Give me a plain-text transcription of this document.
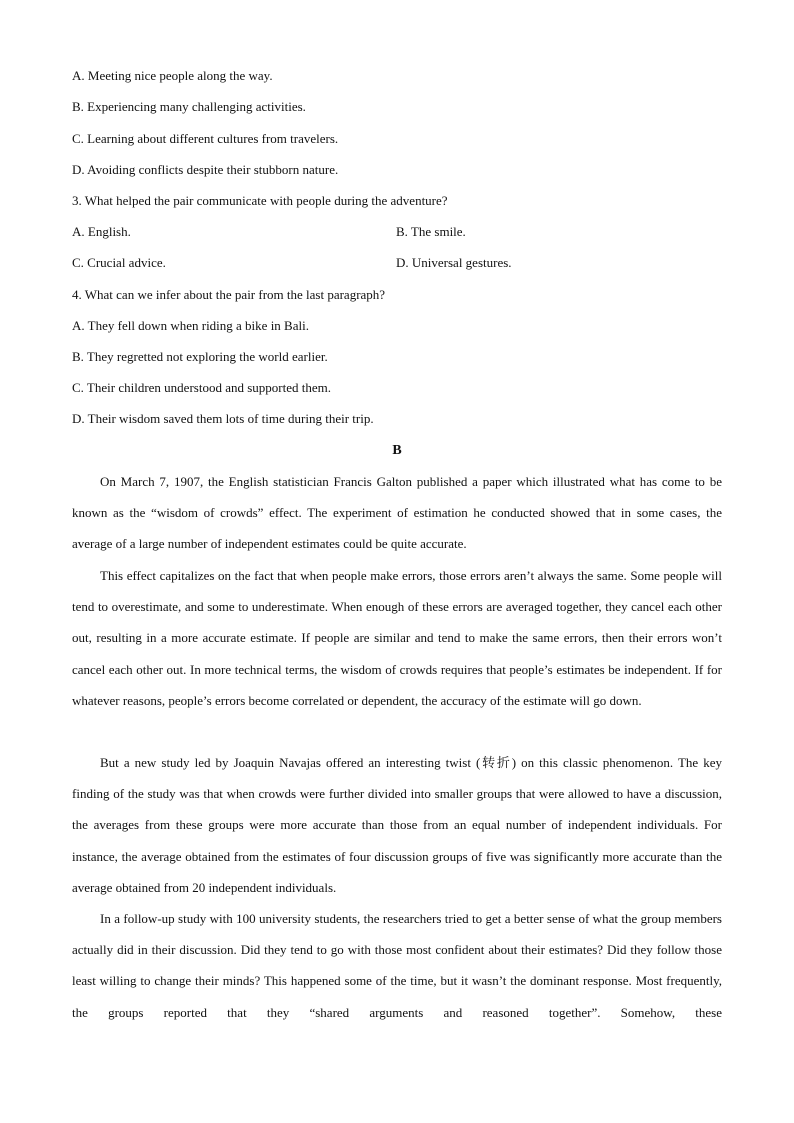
A. Meeting nice people along the way.
B. Experiencing many challenging activities.
C. Learning about different cultures from travelers.
D. Avoiding conflicts despite their stubborn nature.
3. What helped the pair communicate with people during the adventure?
A. English.	B. The smile.
C. Crucial advice.	D. Universal gestures.
4. What can we infer about the pair from the last paragraph?
A. They fell down when riding a bike in Bali.
B. They regretted not exploring the world earlier.
C. Their children understood and supported them.
D. Their wisdom saved them lots of time during their trip.
B

On March 7, 1907, the English statistician Francis Galton published a paper which illustrated what has come to be known as the “wisdom of crowds” effect. The experiment of estimation he conducted showed that in some cases, the average of a large number of independent estimates could be quite accurate.

This effect capitalizes on the fact that when people make errors, those errors aren’t always the same. Some people will tend to overestimate, and some to underestimate. When enough of these errors are averaged together, they cancel each other out, resulting in a more accurate estimate. If people are similar and tend to make the same errors, then their errors won’t cancel each other out. In more technical terms, the wisdom of crowds requires that people’s estimates be independent. If for whatever reasons, people’s errors become correlated or dependent, the accuracy of the estimate will go down.

But a new study led by Joaquin Navajas offered an interesting twist (转折) on this classic phenomenon. The key finding of the study was that when crowds were further divided into smaller groups that were allowed to have a discussion, the averages from these groups were more accurate than those from an equal number of independent individuals. For instance, the average obtained from the estimates of four discussion groups of five was significantly more accurate than the average obtained from 20 independent individuals.

In a follow-up study with 100 university students, the researchers tried to get a better sense of what the group members actually did in their discussion. Did they tend to go with those most confident about their estimates? Did they follow those least willing to change their minds? This happened some of the time, but it wasn’t the dominant response. Most frequently, the groups reported that they “shared arguments and reasoned together”. Somehow, these
